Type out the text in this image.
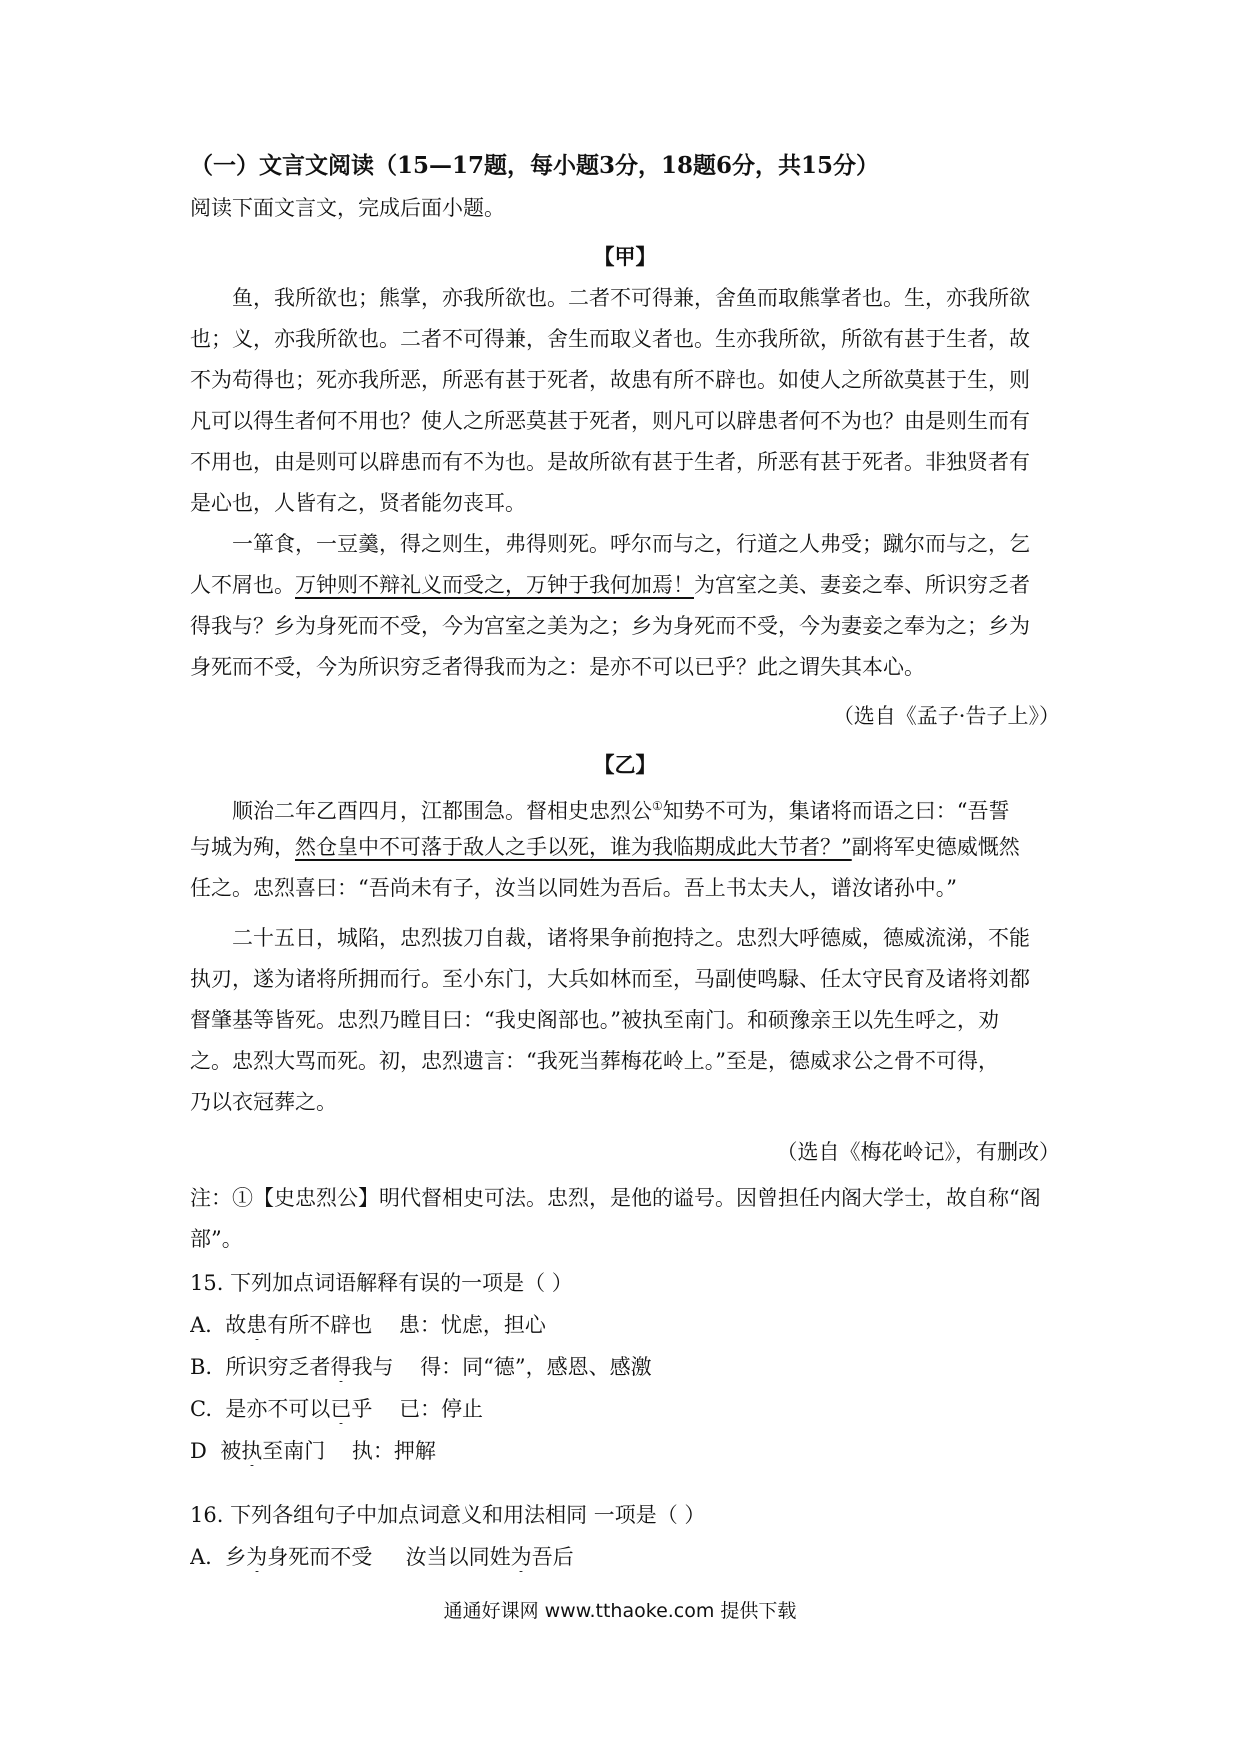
（一）文言文阅读（15—17题，每小题3分，18题6分，共15分）
阅读下面文言文，完成后面小题。
【甲】
鱼，我所欲也；熊掌，亦我所欲也。二者不可得兼，舍鱼而取熊掌者也。生，亦我所欲
也；义，亦我所欲也。二者不可得兼，舍生而取义者也。生亦我所欲，所欲有甚于生者，故
不为苟得也；死亦我所恶，所恶有甚于死者，故患有所不辟也。如使人之所欲莫甚于生，则
凡可以得生者何不用也？使人之所恶莫甚于死者，则凡可以辟患者何不为也？由是则生而有
不用也，由是则可以辟患而有不为也。是故所欲有甚于生者，所恶有甚于死者。非独贤者有
是心也，人皆有之，贤者能勿丧耳。
一箪食，一豆羹，得之则生，弗得则死。呼尔而与之，行道之人弗受；蹴尔而与之，乞
人不屑也。万钟则不辩礼义而受之，万钟于我何加焉！为宫室之美、妻妾之奉、所识穷乏者
得我与？乡为身死而不受，今为宫室之美为之；乡为身死而不受，今为妻妾之奉为之；乡为
身死而不受，今为所识穷乏者得我而为之：是亦不可以已乎？此之谓失其本心。
（选自《孟子·告子上》）
【乙】
顺治二年乙酉四月，江都围急。督相史忠烈公①知势不可为，集诸将而语之曰：“吾誓
与城为殉，然仓皇中不可落于敌人之手以死，谁为我临期成此大节者？”副将军史德威慨然
任之。忠烈喜曰：“吾尚未有子，汝当以同姓为吾后。吾上书太夫人，谱汝诸孙中。”
二十五日，城陷，忠烈拔刀自裁，诸将果争前抱持之。忠烈大呼德威，德威流涕，不能
执刃，遂为诸将所拥而行。至小东门，大兵如林而至，马副使鸣騄、任太守民育及诸将刘都
督肇基等皆死。忠烈乃瞠目曰：“我史阁部也。”被执至南门。和硕豫亲王以先生呼之，劝
之。忠烈大骂而死。初，忠烈遗言：“我死当葬梅花岭上。”至是，德威求公之骨不可得，
乃以衣冠葬之。
（选自《梅花岭记》，有删改）
注：①【史忠烈公】明代督相史可法。忠烈，是他的谥号。因曾担任内阁大学士，故自称“阁
部”。
15. 下列加点词语解释有误的一项是（ ）
A. 故患有所不辟也 患：忧虑，担心
B. 所识穷乏者得我与 得：同“德”，感恩、感激
C. 是亦不可以已乎 已：停止
D 被执至南门 执：押解
16. 下列各组句子中加点词意义和用法相同 一项是（ ）
A. 乡为身死而不受 汝当以同姓为吾后
通通好课网 www.tthaoke.com 提供下载
